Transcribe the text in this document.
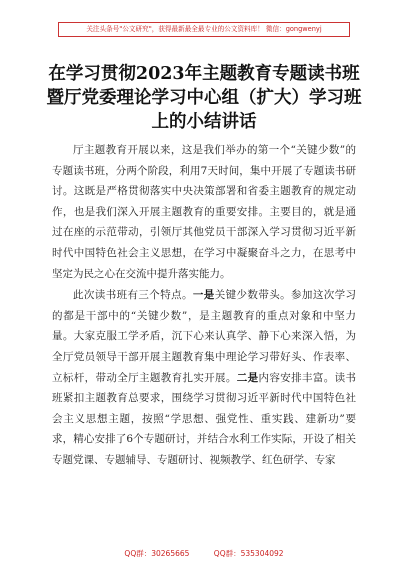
关注头条号"公文研究"，获得最新最全最专业的公文资料库！ 微信：gongwenyj
在学习贯彻2023年主题教育专题读书班
暨厅党委理论学习中心组（扩大）学习班
上的小结讲话

厅主题教育开展以来，这是我们举办的第一个“关键少数”的专题读书班，分两个阶段，利用7天时间，集中开展了专题读书研讨。这既是严格贯彻落实中央决策部署和省委主题教育的规定动作，也是我们深入开展主题教育的重要安排。主要目的，就是通过在座的示范带动，引领厅其他党员干部深入学习贯彻习近平新时代中国特色社会主义思想，在学习中凝聚奋斗之力，在思考中坚定为民之心在交流中提升落实能力。

此次读书班有三个特点。一是关键少数带头。参加这次学习的都是干部中的“关键少数”，是主题教育的重点对象和中坚力量。大家克服工学矛盾，沉下心来认真学、静下心来深入悟，为全厅党员领导干部开展主题教育集中理论学习带好头、作表率、立标杆，带动全厅主题教育扎实开展。二是内容安排丰富。读书班紧扣主题教育总要求，围绕学习贯彻习近平新时代中国特色社会主义思想主题，按照“学思想、强党性、重实践、建新功”要求，精心安排了6个专题研讨，并结合水利工作实际，开设了相关专题党课、专题辅导、专题研讨、视频教学、红色研学、专家

QQ群：30265665	QQ群：535304092
